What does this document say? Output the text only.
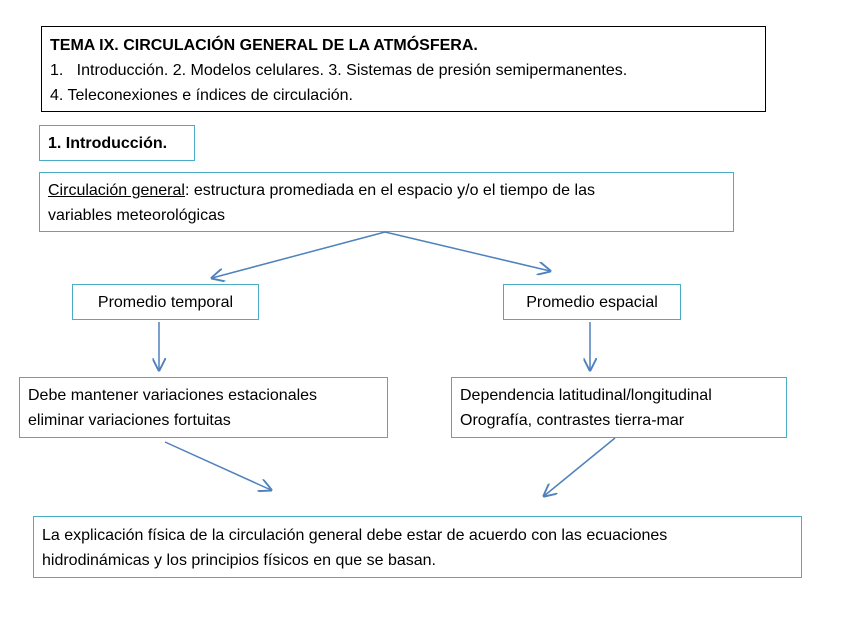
TEMA IX. CIRCULACIÓN GENERAL DE LA ATMÓSFERA.
1.   Introducción. 2. Modelos celulares. 3. Sistemas de presión semipermanentes.
4. Teleconexiones e índices de circulación.
1. Introducción.
Circulación general: estructura promediada en el espacio y/o el tiempo de las
variables meteorológicas
Promedio temporal	Promedio espacial
Debe mantener variaciones estacionales
eliminar variaciones fortuitas
Dependencia latitudinal/longitudinal
Orografía, contrastes tierra-mar
La explicación física de la circulación general debe estar de acuerdo con las ecuaciones
hidrodinámicas y los principios físicos en que se basan.
